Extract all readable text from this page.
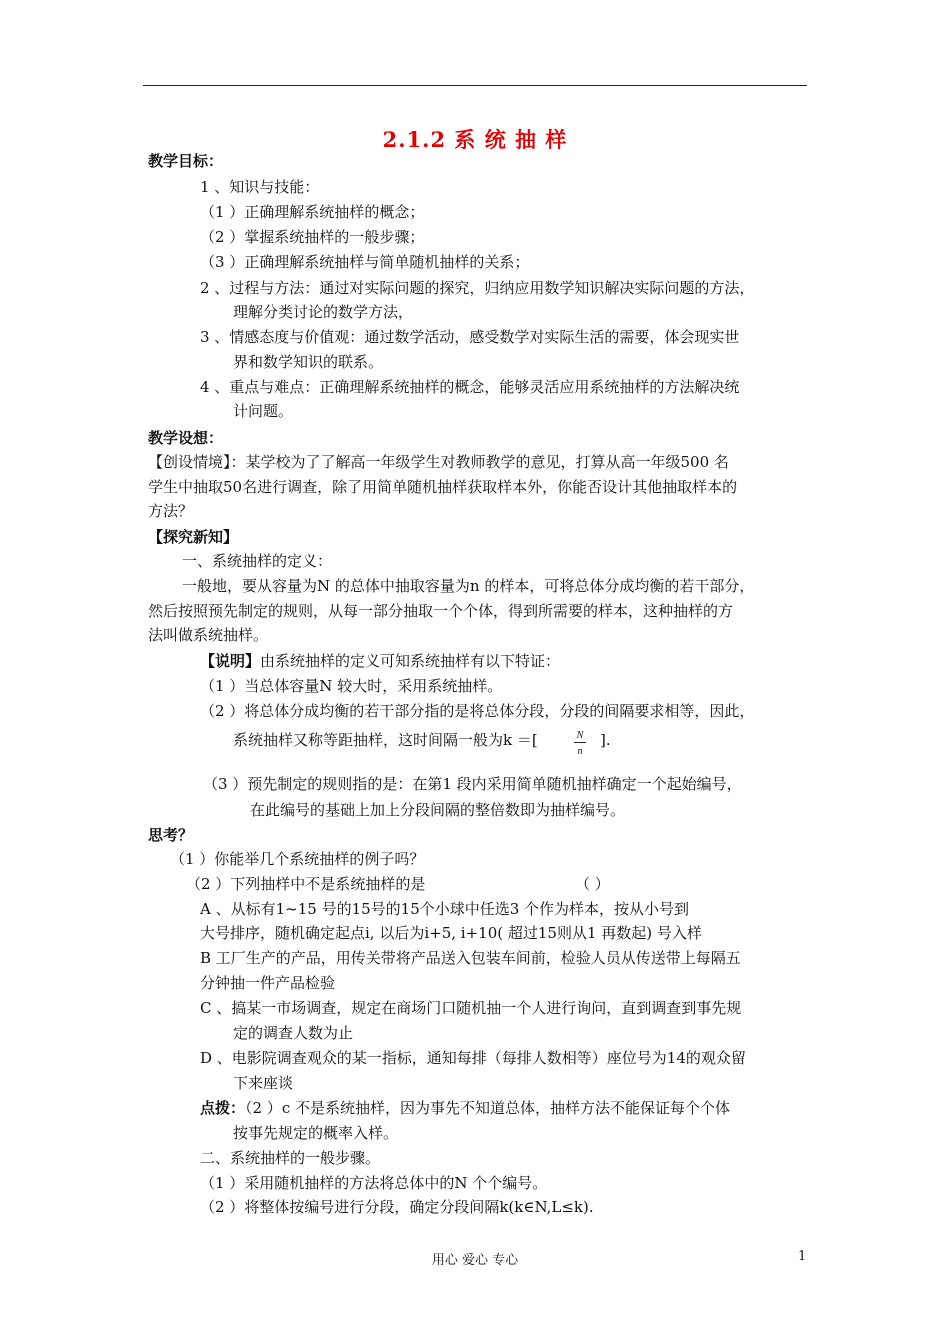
2.1.2 系 统 抽 样
教学目标：
1 、知识与技能：
（1 ）正确理解系统抽样的概念；
（2 ）掌握系统抽样的一般步骤；
（3 ）正确理解系统抽样与简单随机抽样的关系；
2 、过程与方法：通过对实际问题的探究，归纳应用数学知识解决实际问题的方法，
理解分类讨论的数学方法，
3 、情感态度与价值观：通过数学活动，感受数学对实际生活的需要，体会现实世
界和数学知识的联系。
4 、重点与难点：正确理解系统抽样的概念，能够灵活应用系统抽样的方法解决统
计问题。
教学设想：
【创设情境】：某学校为了了解高一年级学生对教师教学的意见，打算从高一年级500 名
学生中抽取50名进行调查，除了用简单随机抽样获取样本外，你能否设计其他抽取样本的
方法？
【探究新知】
一、系统抽样的定义：
一般地，要从容量为N 的总体中抽取容量为n 的样本，可将总体分成均衡的若干部分，
然后按照预先制定的规则，从每一部分抽取一个个体，得到所需要的样本，这种抽样的方
法叫做系统抽样。
【说明】由系统抽样的定义可知系统抽样有以下特证：
（1 ）当总体容量N 较大时，采用系统抽样。
（2 ）将总体分成均衡的若干部分指的是将总体分段，分段的间隔要求相等，因此，
系统抽样又称等距抽样，这时间隔一般为k ＝[	N
n
].
（3 ）预先制定的规则指的是：在第1 段内采用简单随机抽样确定一个起始编号，
在此编号的基础上加上分段间隔的整倍数即为抽样编号。
思考？
（1 ）你能举几个系统抽样的例子吗？
（2 ）下列抽样中不是系统抽样的是	（ ）
A 、从标有1~15 号的15号的15个小球中任选3 个作为样本，按从小号到
大号排序，随机确定起点i, 以后为i+5, i+10( 超过15则从1 再数起) 号入样
B 工厂生产的产品，用传关带将产品送入包装车间前，检验人员从传送带上每隔五
分钟抽一件产品检验
C 、搞某一市场调查，规定在商场门口随机抽一个人进行询问，直到调查到事先规
定的调查人数为止
D 、电影院调查观众的某一指标，通知每排（每排人数相等）座位号为14的观众留
下来座谈
点拨：（2 ）c 不是系统抽样，因为事先不知道总体，抽样方法不能保证每个个体
按事先规定的概率入样。
二、系统抽样的一般步骤。
（1 ）采用随机抽样的方法将总体中的N 个个编号。
（2 ）将整体按编号进行分段，确定分段间隔k(k∈N,L≤k).
用心 爱心 专心	1
